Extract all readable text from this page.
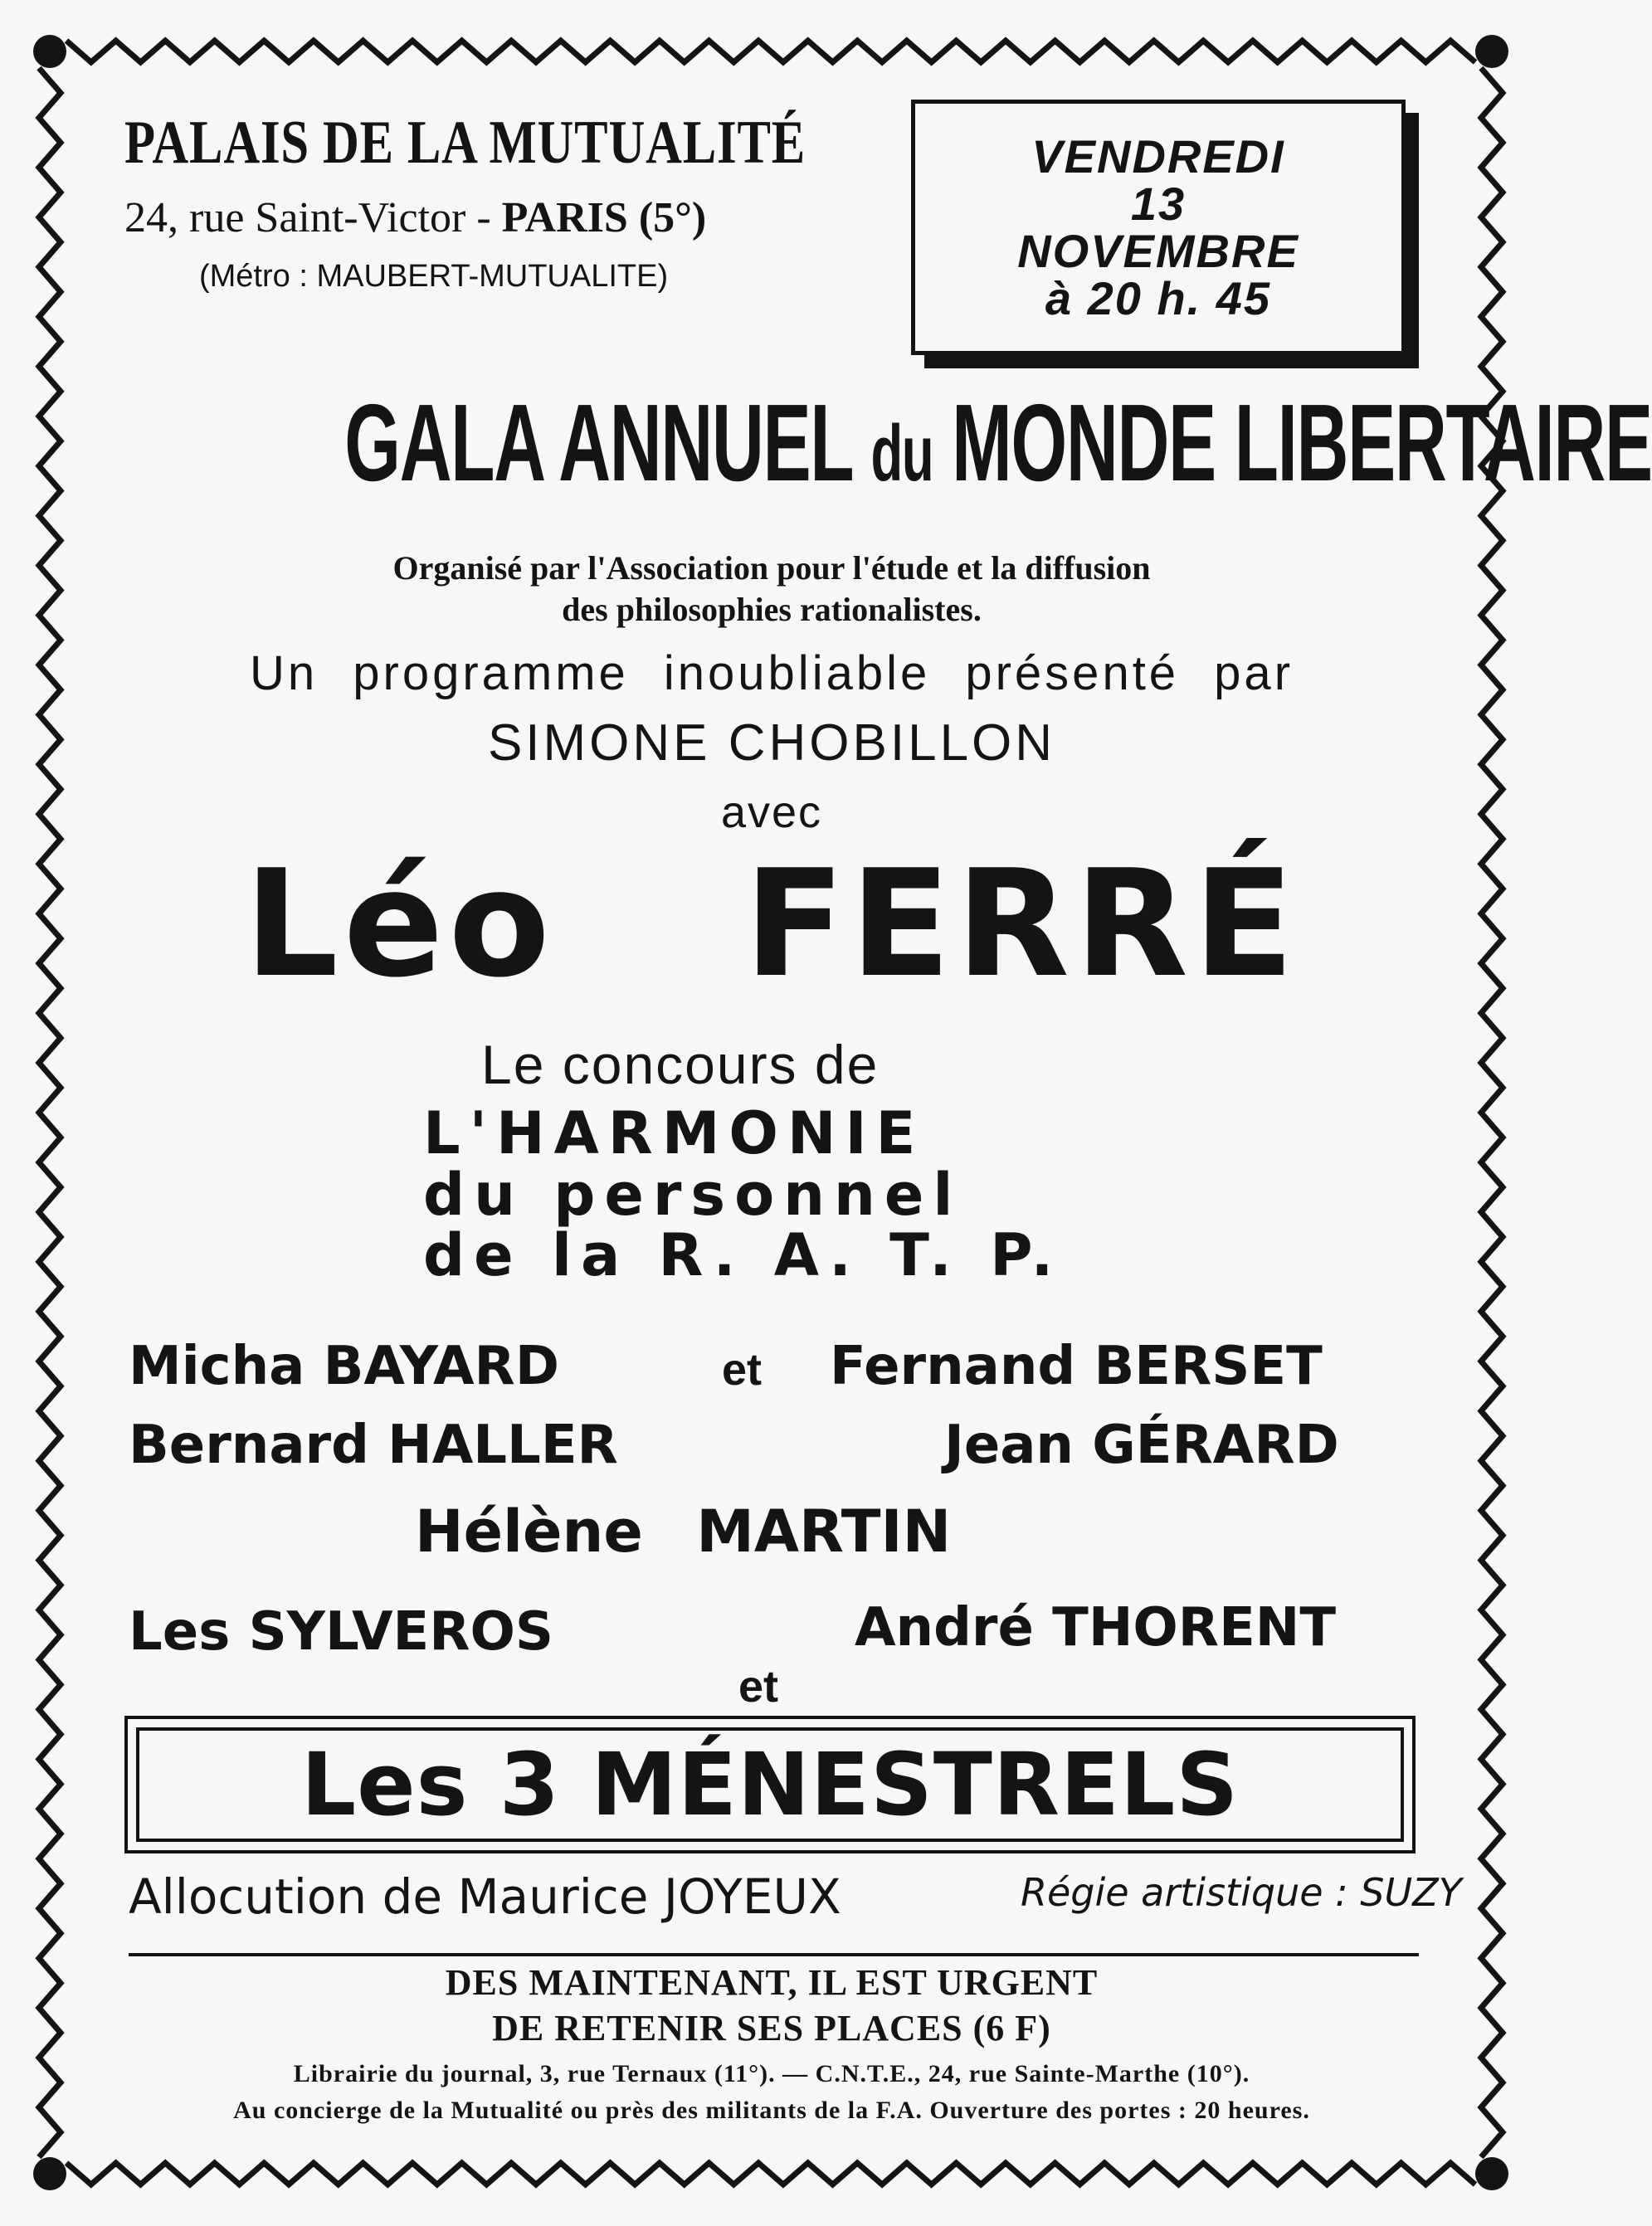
PALAIS DE LA MUTUALITÉ
24, rue Saint-Victor - PARIS (5°)
(Métro : MAUBERT-MUTUALITE)
VENDREDI
13
NOVEMBRE
à 20 h. 45
GALA ANNUEL du MONDE LIBERTAIRE
Organisé par l'Association pour l'étude et la diffusion
des philosophies rationalistes.
Un programme inoubliable présenté par
SIMONE CHOBILLON
avec
Léo FERRÉ
Le concours de
L'HARMONIE
du personnel
de la R. A. T. P.
Micha BAYARD	et Fernand BERSET
Bernard HALLER	Jean GÉRARD
Hélène MARTIN
Les SYLVEROS	André THORENT
et
Les 3 MÉNESTRELS
Allocution de Maurice JOYEUX	Régie artistique : SUZY
DES MAINTENANT, IL EST URGENT
DE RETENIR SES PLACES (6 F)
Librairie du journal, 3, rue Ternaux (11°). — C.N.T.E., 24, rue Sainte-Marthe (10°).
Au concierge de la Mutualité ou près des militants de la F.A. Ouverture des portes : 20 heures.
